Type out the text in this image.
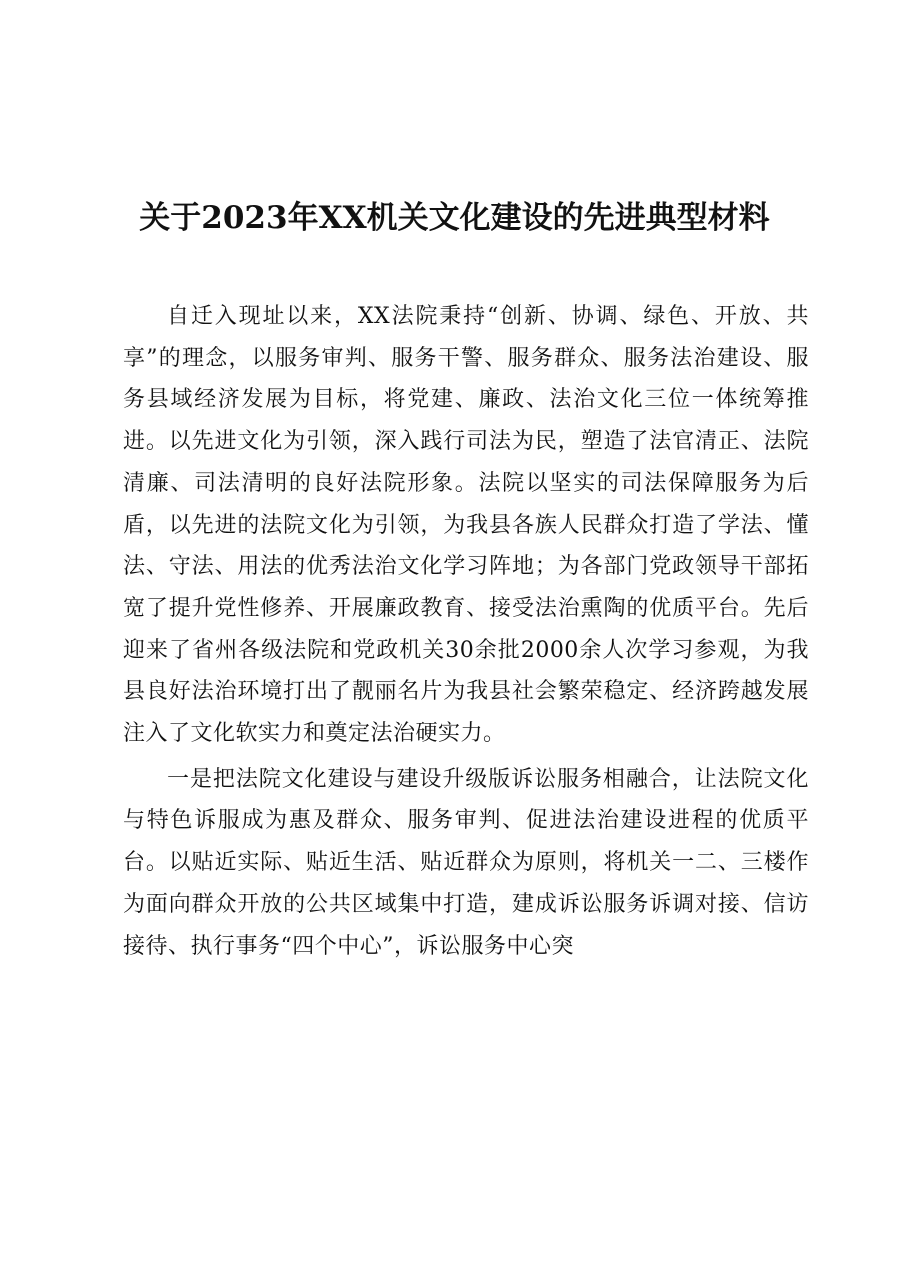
关于2023年XX机关文化建设的先进典型材料

自迁入现址以来，XX法院秉持“创新、协调、绿色、开放、共享”的理念，以服务审判、服务干警、服务群众、服务法治建设、服务县域经济发展为目标，将党建、廉政、法治文化三位一体统筹推进。以先进文化为引领，深入践行司法为民，塑造了法官清正、法院清廉、司法清明的良好法院形象。法院以坚实的司法保障服务为后盾，以先进的法院文化为引领，为我县各族人民群众打造了学法、懂法、守法、用法的优秀法治文化学习阵地；为各部门党政领导干部拓宽了提升党性修养、开展廉政教育、接受法治熏陶的优质平台。先后迎来了省州各级法院和党政机关30余批2000余人次学习参观，为我县良好法治环境打出了靓丽名片为我县社会繁荣稳定、经济跨越发展注入了文化软实力和奠定法治硬实力。

一是把法院文化建设与建设升级版诉讼服务相融合，让法院文化与特色诉服成为惠及群众、服务审判、促进法治建设进程的优质平台。以贴近实际、贴近生活、贴近群众为原则，将机关一二、三楼作为面向群众开放的公共区域集中打造，建成诉讼服务诉调对接、信访接待、执行事务“四个中心”，诉讼服务中心突
